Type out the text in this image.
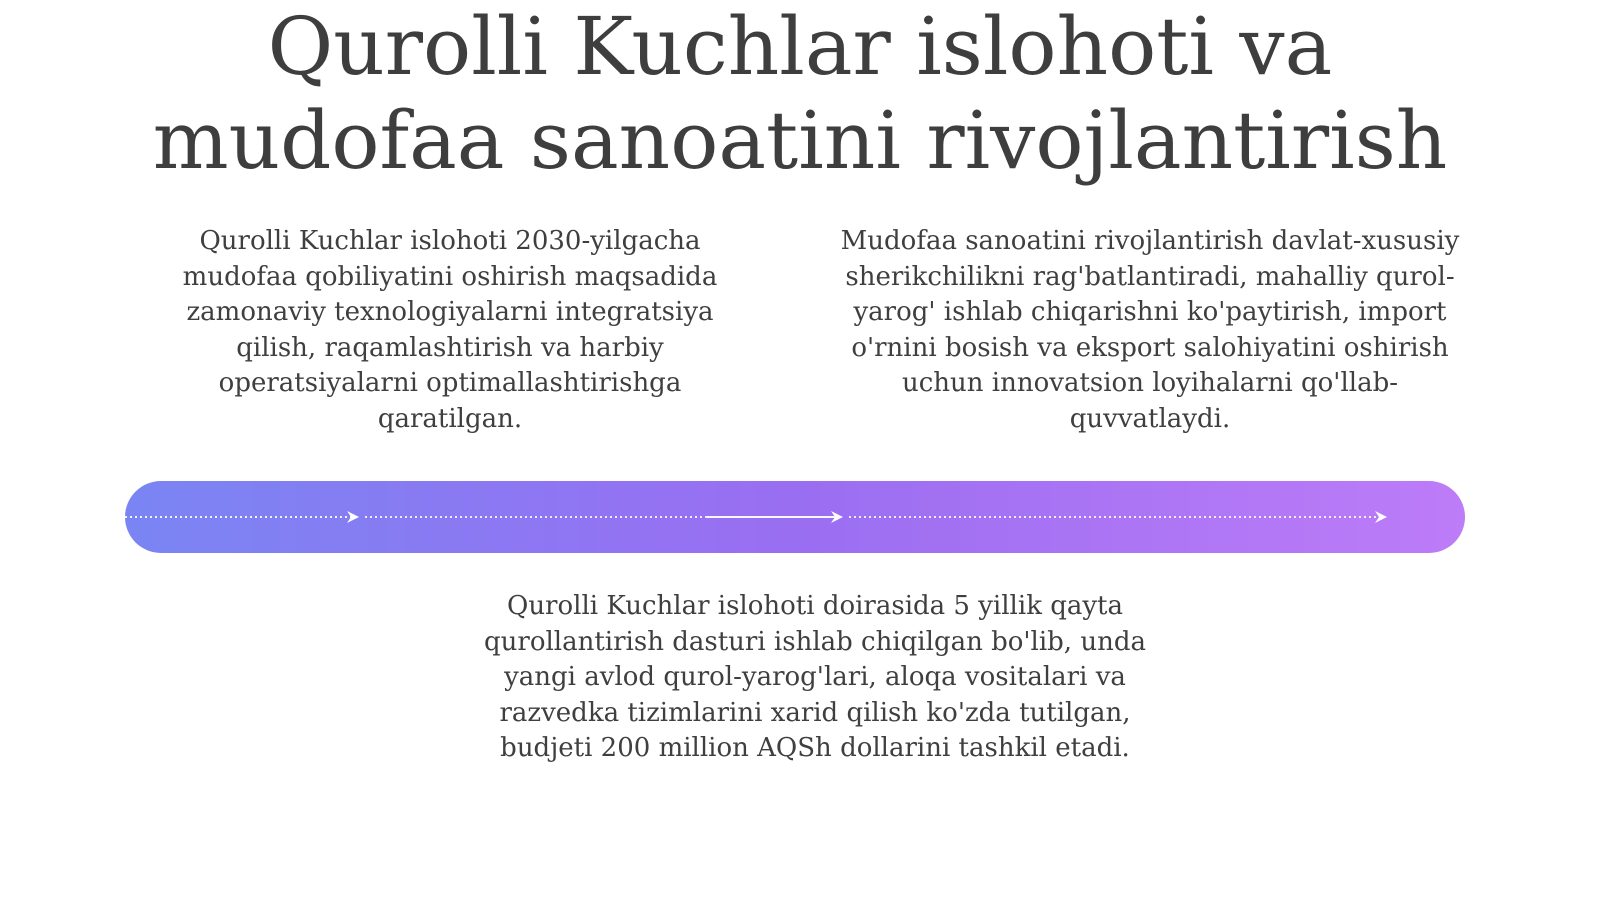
Qurolli Kuchlar islohoti va
mudofaa sanoatini rivojlantirish

Qurolli Kuchlar islohoti 2030-yilgacha mudofaa qobiliyatini oshirish maqsadida zamonaviy texnologiyalarni integratsiya qilish, raqamlashtirish va harbiy operatsiyalarni optimallashtirishga qaratilgan.

Mudofaa sanoatini rivojlantirish davlat-xususiy sherikchilikni rag'batlantiradi, mahalliy qurol-yarog' ishlab chiqarishni ko'paytirish, import o'rnini bosish va eksport salohiyatini oshirish uchun innovatsion loyihalarni qo'llab-quvvatlaydi.

Qurolli Kuchlar islohoti doirasida 5 yillik qayta qurollantirish dasturi ishlab chiqilgan bo'lib, unda yangi avlod qurol-yarog'lari, aloqa vositalari va razvedka tizimlarini xarid qilish ko'zda tutilgan, budjeti 200 million AQSh dollarini tashkil etadi.
